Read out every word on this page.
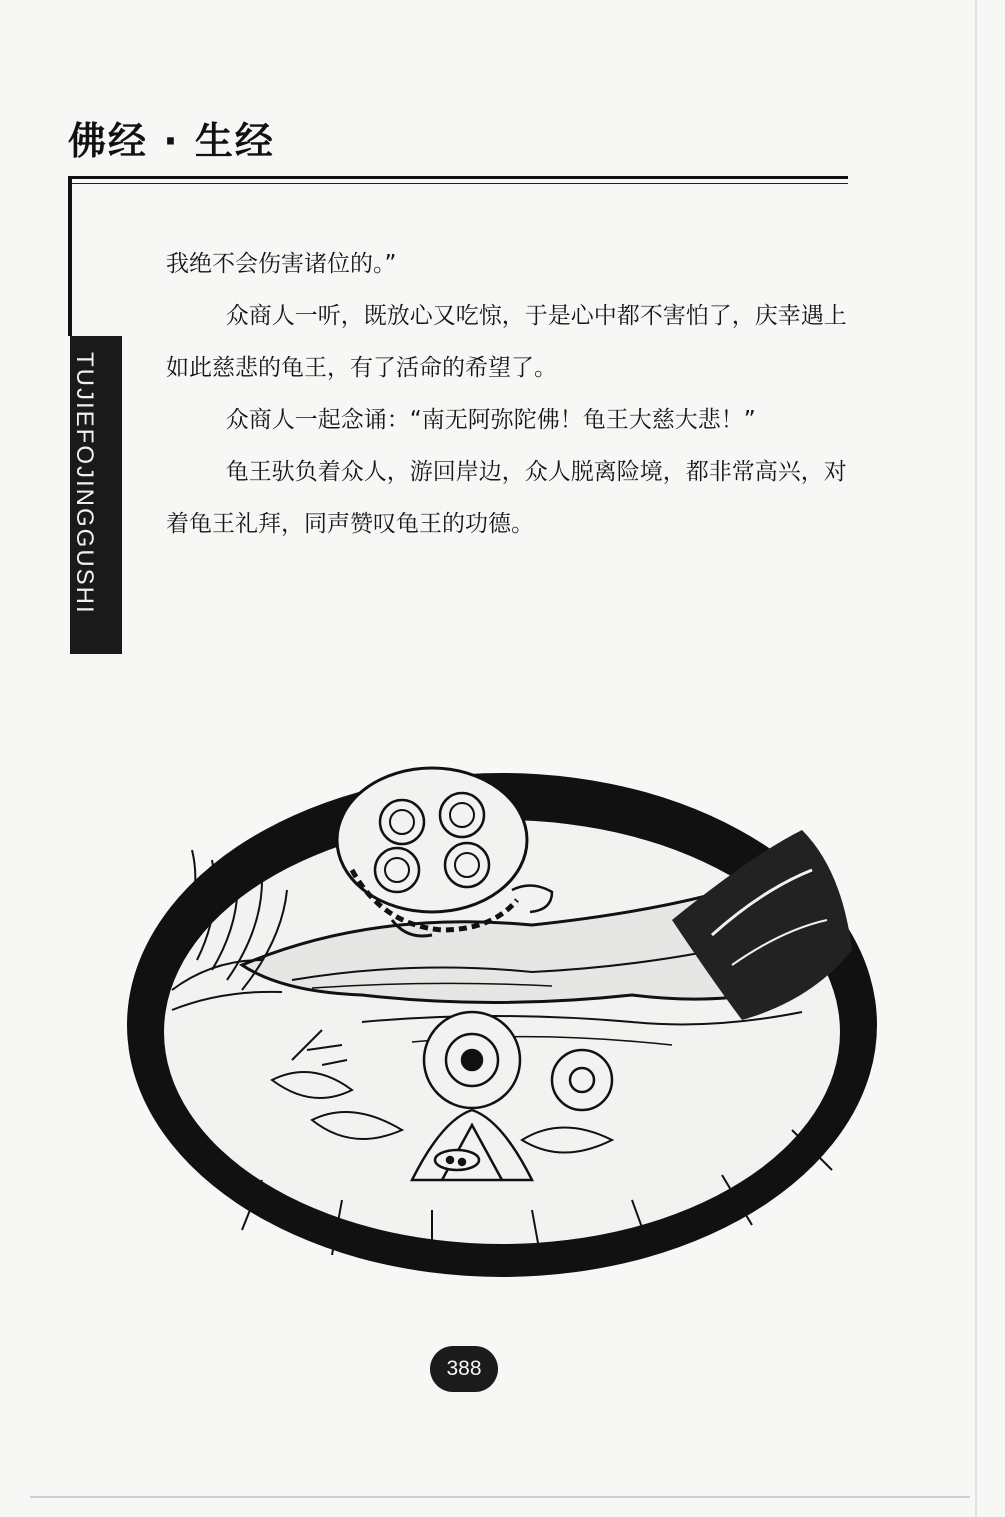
佛经 · 生经
TUJIEFOJINGGUSHI

我绝不会伤害诸位的。”

众商人一听，既放心又吃惊，于是心中都不害怕了，庆幸遇上如此慈悲的龟王，有了活命的希望了。

众商人一起念诵：“南无阿弥陀佛！龟王大慈大悲！”

龟王驮负着众人，游回岸边，众人脱离险境，都非常高兴，对着龟王礼拜，同声赞叹龟王的功德。

388
